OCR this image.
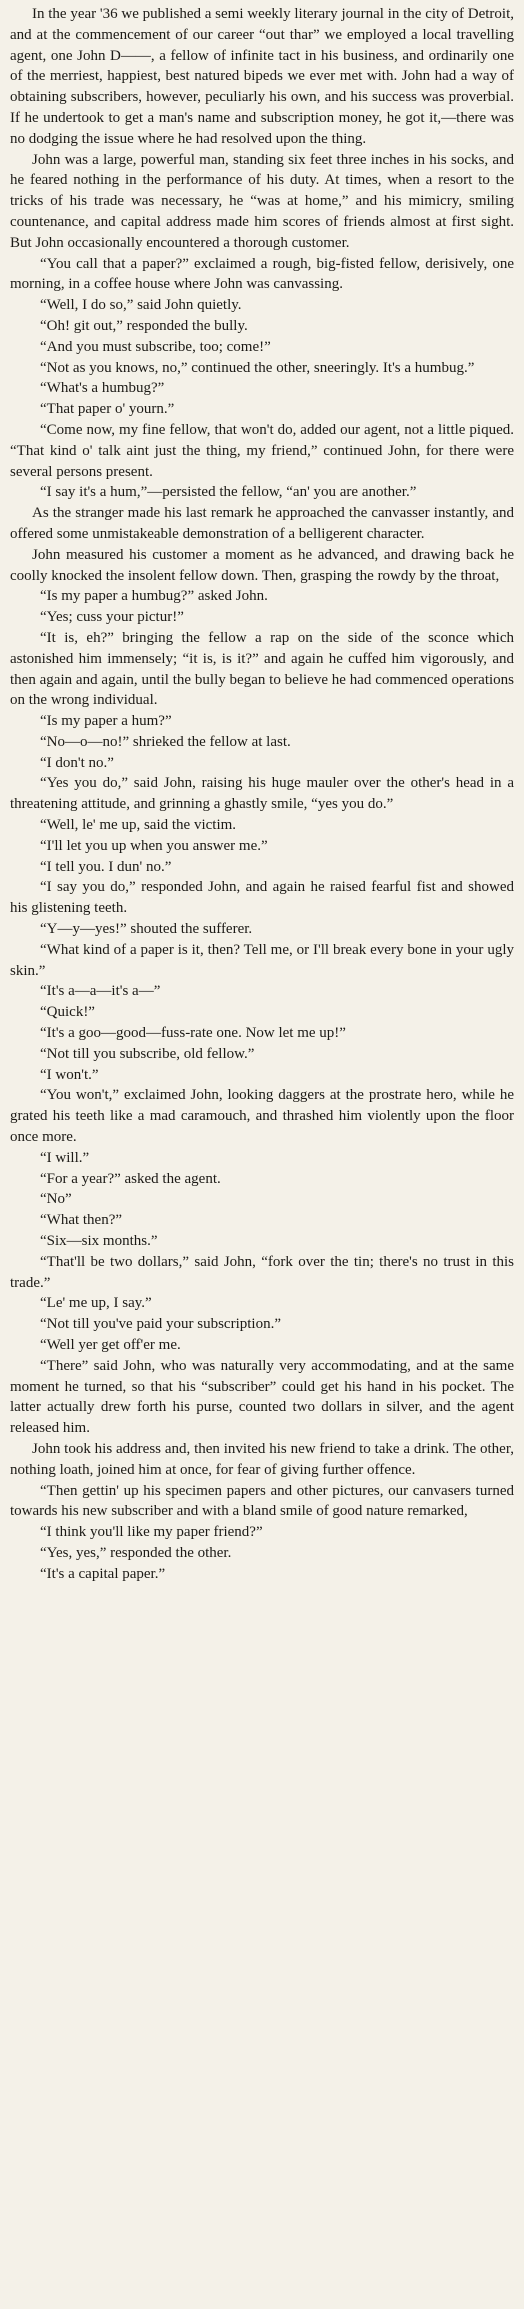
In the year '36 we published a semi weekly literary journal in the city of Detroit, and at the commencement of our career “out thar” we employed a local travelling agent, one John D——, a fellow of infinite tact in his business, and ordinarily one of the merriest, happiest, best natured bipeds we ever met with. John had a way of obtaining subscribers, however, peculiarly his own, and his success was proverbial. If he undertook to get a man's name and subscription money, he got it,—there was no dodging the issue where he had resolved upon the thing.

John was a large, powerful man, standing six feet three inches in his socks, and he feared nothing in the performance of his duty. At times, when a resort to the tricks of his trade was necessary, he “was at home,” and his mimicry, smiling countenance, and capital address made him scores of friends almost at first sight. But John occasionally encountered a thorough customer.

“You call that a paper?” exclaimed a rough, big-fisted fellow, derisively, one morning, in a coffee house where John was canvassing.

“Well, I do so,” said John quietly.

“Oh! git out,” responded the bully.

“And you must subscribe, too; come!”

“Not as you knows, no,” continued the other, sneeringly. It's a humbug.”

“What's a humbug?”

“That paper o' yourn.”

“Come now, my fine fellow, that won't do, added our agent, not a little piqued. “That kind o' talk aint just the thing, my friend,” continued John, for there were several persons present.

“I say it's a hum,”—persisted the fellow, “an' you are another.”

As the stranger made his last remark he approached the canvasser instantly, and offered some unmistakeable demonstration of a belligerent character.

John measured his customer a moment as he advanced, and drawing back he coolly knocked the insolent fellow down. Then, grasping the rowdy by the throat,

“Is my paper a humbug?” asked John.

“Yes; cuss your pictur!”

“It is, eh?” bringing the fellow a rap on the side of the sconce which astonished him immensely; “it is, is it?” and again he cuffed him vigorously, and then again and again, until the bully began to believe he had commenced operations on the wrong individual.

“Is my paper a hum?”

“No—o—no!” shrieked the fellow at last.

“I don't no.”

“Yes you do,” said John, raising his huge mauler over the other's head in a threatening attitude, and grinning a ghastly smile, “yes you do.”

“Well, le' me up, said the victim.

“I'll let you up when you answer me.”

“I tell you. I dun' no.”

“I say you do,” responded John, and again he raised fearful fist and showed his glistening teeth.

“Y—y—yes!” shouted the sufferer.

“What kind of a paper is it, then? Tell me, or I'll break every bone in your ugly skin.”

“It's a—a—it's a—”

“Quick!”

“It's a goo—good—fuss-rate one. Now let me up!”

“Not till you subscribe, old fellow.”

“I won't.”

“You won't,” exclaimed John, looking daggers at the prostrate hero, while he grated his teeth like a mad caramouch, and thrashed him violently upon the floor once more.

“I will.”

“For a year?” asked the agent.

“No”

“What then?”

“Six—six months.”

“That'll be two dollars,” said John, “fork over the tin; there's no trust in this trade.”

“Le' me up, I say.”

“Not till you've paid your subscription.”

“Well yer get off'er me.

“There” said John, who was naturally very accommodating, and at the same moment he turned, so that his “subscriber” could get his hand in his pocket. The latter actually drew forth his purse, counted two dollars in silver, and the agent released him.

John took his address and, then invited his new friend to take a drink. The other, nothing loath, joined him at once, for fear of giving further offence.

“Then gettin' up his specimen papers and other pictures, our canvasers turned towards his new subscriber and with a bland smile of good nature remarked,

“I think you'll like my paper friend?”

“Yes, yes,” responded the other.

“It's a capital paper.”
